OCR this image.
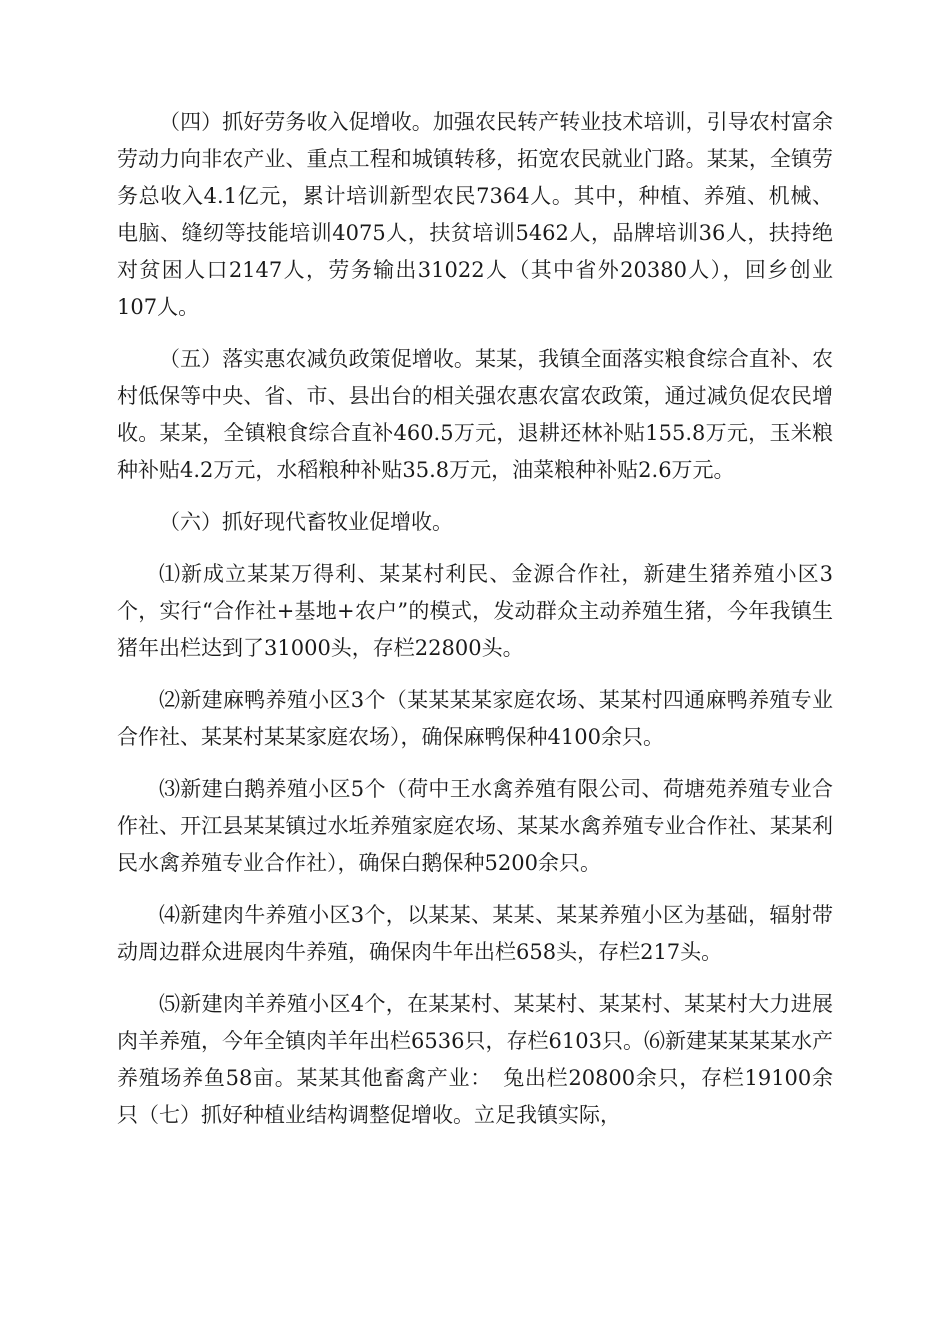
（四）抓好劳务收入促增收。加强农民转产转业技术培训，引导农村富余劳动力向非农产业、重点工程和城镇转移，拓宽农民就业门路。某某，全镇劳务总收入4.1亿元，累计培训新型农民7364人。其中，种植、养殖、机械、电脑、缝纫等技能培训4075人，扶贫培训5462人，品牌培训36人，扶持绝对贫困人口2147人，劳务输出31022人（其中省外20380人），回乡创业107人。

（五）落实惠农减负政策促增收。某某，我镇全面落实粮食综合直补、农村低保等中央、省、市、县出台的相关强农惠农富农政策，通过减负促农民增收。某某，全镇粮食综合直补460.5万元，退耕还林补贴155.8万元，玉米粮种补贴4.2万元，水稻粮种补贴35.8万元，油菜粮种补贴2.6万元。

（六）抓好现代畜牧业促增收。

⑴新成立某某万得利、某某村利民、金源合作社，新建生猪养殖小区3个，实行“合作社+基地+农户”的模式，发动群众主动养殖生猪，今年我镇生猪年出栏达到了31000头，存栏22800头。

⑵新建麻鸭养殖小区3个（某某某某家庭农场、某某村四通麻鸭养殖专业合作社、某某村某某家庭农场），确保麻鸭保种4100余只。

⑶新建白鹅养殖小区5个（荷中王水禽养殖有限公司、荷塘苑养殖专业合作社、开江县某某镇过水坵养殖家庭农场、某某水禽养殖专业合作社、某某利民水禽养殖专业合作社），确保白鹅保种5200余只。

⑷新建肉牛养殖小区3个，以某某、某某、某某养殖小区为基础，辐射带动周边群众进展肉牛养殖，确保肉牛年出栏658头，存栏217头。

⑸新建肉羊养殖小区4个，在某某村、某某村、某某村、某某村大力进展肉羊养殖，今年全镇肉羊年出栏6536只，存栏6103只。⑹新建某某某某水产养殖场养鱼58亩。某某其他畜禽产业：　兔出栏20800余只，存栏19100余只（七）抓好种植业结构调整促增收。立足我镇实际，
